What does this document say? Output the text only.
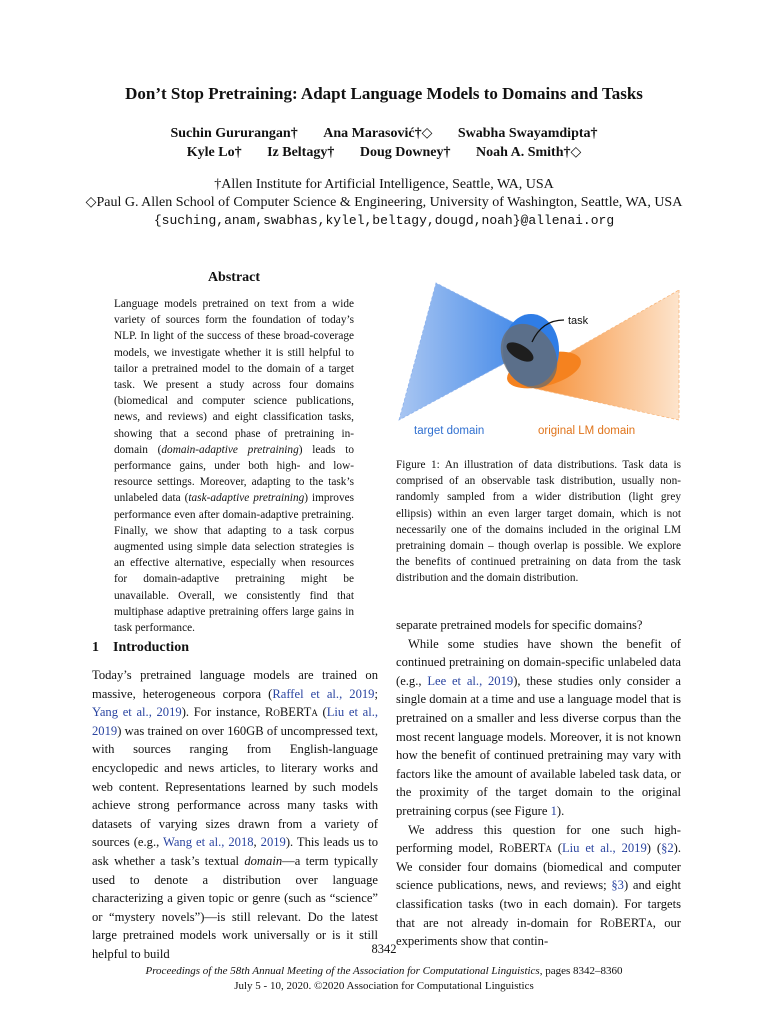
Don’t Stop Pretraining: Adapt Language Models to Domains and Tasks
Suchin Gururangan† Ana Marasović†◇ Swabha Swayamdipta†
Kyle Lo† Iz Beltagy† Doug Downey† Noah A. Smith†◇
†Allen Institute for Artificial Intelligence, Seattle, WA, USA
◇Paul G. Allen School of Computer Science & Engineering, University of Washington, Seattle, WA, USA
{suching,anam,swabhas,kylel,beltagy,dougd,noah}@allenai.org
Abstract
Language models pretrained on text from a wide variety of sources form the foundation of today’s NLP. In light of the success of these broad-coverage models, we investigate whether it is still helpful to tailor a pretrained model to the domain of a target task. We present a study across four domains (biomedical and computer science publications, news, and reviews) and eight classification tasks, showing that a second phase of pretraining in-domain (domain-adaptive pretraining) leads to performance gains, under both high- and low-resource settings. Moreover, adapting to the task’s unlabeled data (task-adaptive pretraining) improves performance even after domain-adaptive pretraining. Finally, we show that adapting to a task corpus augmented using simple data selection strategies is an effective alternative, especially when resources for domain-adaptive pretraining might be unavailable. Overall, we consistently find that multiphase adaptive pretraining offers large gains in task performance.
task
target domain	original LM domain
Figure 1: An illustration of data distributions. Task data is comprised of an observable task distribution, usually non-randomly sampled from a wider distribution (light grey ellipsis) within an even larger target domain, which is not necessarily one of the domains included in the original LM pretraining domain – though overlap is possible. We explore the benefits of continued pretraining on data from the task distribution and the domain distribution.
1 Introduction
Today’s pretrained language models are trained on massive, heterogeneous corpora (Raffel et al., 2019; Yang et al., 2019). For instance, RoBERTa (Liu et al., 2019) was trained on over 160GB of uncompressed text, with sources ranging from English-language encyclopedic and news articles, to literary works and web content. Representations learned by such models achieve strong performance across many tasks with datasets of varying sizes drawn from a variety of sources (e.g., Wang et al., 2018, 2019). This leads us to ask whether a task’s textual domain—a term typically used to denote a distribution over language characterizing a given topic or genre (such as “science” or “mystery novels”)—is still relevant. Do the latest large pretrained models work universally or is it still helpful to build

separate pretrained models for specific domains?

While some studies have shown the benefit of continued pretraining on domain-specific unlabeled data (e.g., Lee et al., 2019), these studies only consider a single domain at a time and use a language model that is pretrained on a smaller and less diverse corpus than the most recent language models. Moreover, it is not known how the benefit of continued pretraining may vary with factors like the amount of available labeled task data, or the proximity of the target domain to the original pretraining corpus (see Figure 1).

We address this question for one such high-performing model, RoBERTa (Liu et al., 2019) (§2). We consider four domains (biomedical and computer science publications, news, and reviews; §3) and eight classification tasks (two in each domain). For targets that are not already in-domain for RoBERTa, our experiments show that contin-

8342
Proceedings of the 58th Annual Meeting of the Association for Computational Linguistics, pages 8342–8360
July 5 - 10, 2020. ©2020 Association for Computational Linguistics
